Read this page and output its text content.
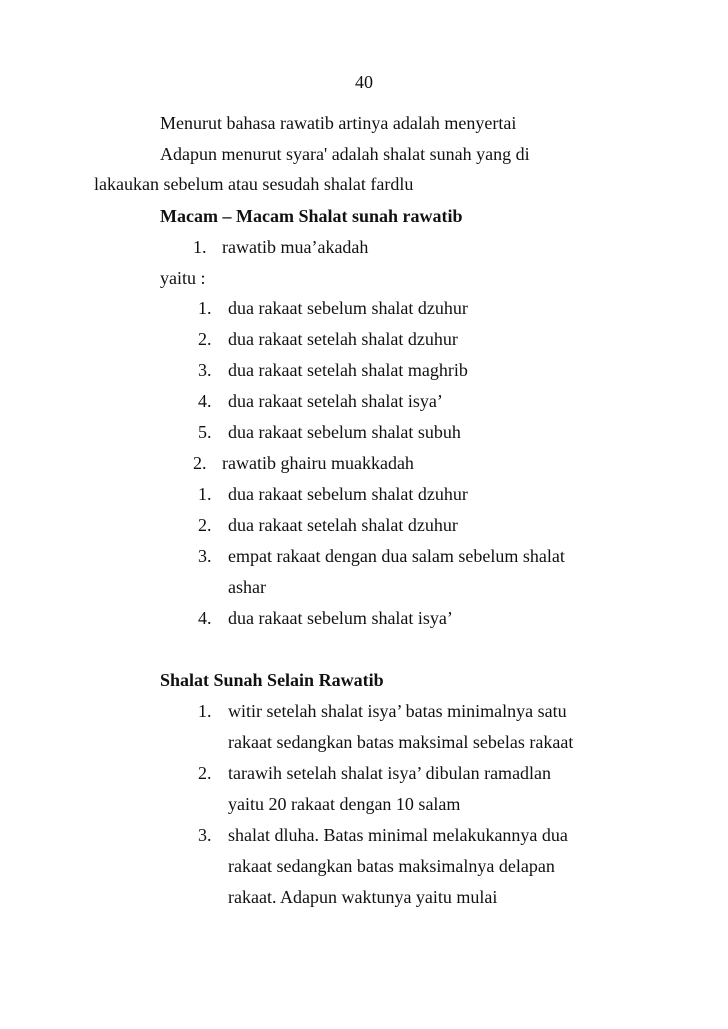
40
Menurut bahasa rawatib artinya adalah menyertai
Adapun menurut syara' adalah shalat sunah yang di
lakaukan sebelum atau sesudah shalat fardlu
Macam – Macam Shalat sunah rawatib
1. rawatib mua’akadah
yaitu :
1. dua rakaat sebelum shalat dzuhur
2. dua rakaat setelah shalat dzuhur
3. dua rakaat setelah shalat maghrib
4. dua rakaat setelah shalat isya’
5. dua rakaat sebelum shalat subuh
2. rawatib ghairu muakkadah
1. dua rakaat sebelum shalat dzuhur
2. dua rakaat setelah shalat dzuhur
3. empat rakaat dengan dua salam sebelum shalat
ashar
4. dua rakaat sebelum shalat isya’
Shalat Sunah Selain Rawatib
1. witir setelah shalat isya’ batas minimalnya satu
rakaat sedangkan batas maksimal sebelas rakaat
2. tarawih setelah shalat isya’ dibulan ramadlan
yaitu 20 rakaat dengan 10 salam
3. shalat dluha. Batas minimal melakukannya dua
rakaat sedangkan batas maksimalnya delapan
rakaat. Adapun waktunya yaitu mulai
